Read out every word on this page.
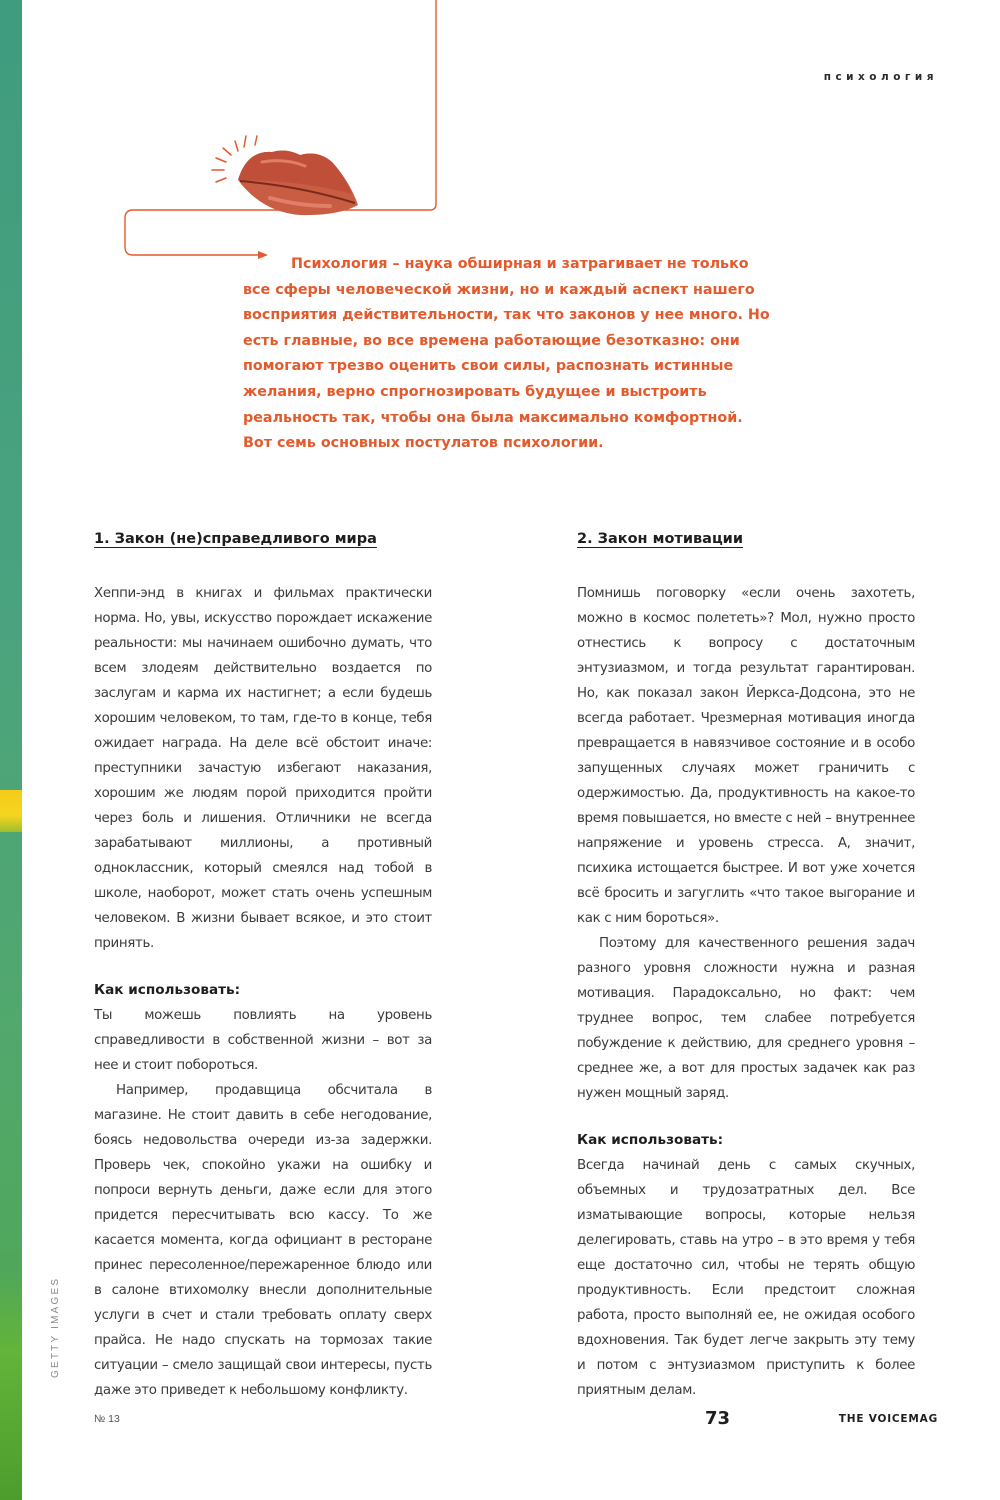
психология

Психология – наука обширная и затрагивает не только все сферы человеческой жизни, но и каждый аспект нашего восприятия действительности, так что законов у нее много. Но есть главные, во все времена работающие безотказно: они помогают трезво оценить свои силы, распознать истинные желания, верно спрогнозировать будущее и выстроить реальность так, чтобы она была максимально комфортной. Вот семь основных постулатов психологии.

1. Закон (не)справедливого мира

Хеппи-энд в книгах и фильмах практически норма. Но, увы, искусство порождает искажение реальности: мы начинаем ошибочно думать, что всем злодеям действительно воздается по заслугам и карма их настигнет; а если будешь хорошим человеком, то там, где-то в конце, тебя ожидает награда. На деле всё обстоит иначе: преступники зачастую избегают наказания, хорошим же людям порой приходится пройти через боль и лишения. Отличники не всегда зарабатывают миллионы, а противный одноклассник, который смеялся над тобой в школе, наоборот, может стать очень успешным человеком. В жизни бывает всякое, и это стоит принять.

Как использовать:

Ты можешь повлиять на уровень справедливости в собственной жизни – вот за нее и стоит побороться.

Например, продавщица обсчитала в магазине. Не стоит давить в себе негодование, боясь недовольства очереди из-за задержки. Проверь чек, спокойно укажи на ошибку и попроси вернуть деньги, даже если для этого придется пересчитывать всю кассу. То же касается момента, когда официант в ресторане принес пересоленное/пережаренное блюдо или в салоне втихомолку внесли дополнительные услуги в счет и стали требовать оплату сверх прайса. Не надо спускать на тормозах такие ситуации – смело защищай свои интересы, пусть даже это приведет к небольшому конфликту.

2. Закон мотивации

Помнишь поговорку «если очень захотеть, можно в космос полететь»? Мол, нужно просто отнестись к вопросу с достаточным энтузиазмом, и тогда результат гарантирован. Но, как показал закон Йеркса-Додсона, это не всегда работает. Чрезмерная мотивация иногда превращается в навязчивое состояние и в особо запущенных случаях может граничить с одержимостью. Да, продуктивность на какое-то время повышается, но вместе с ней – внутреннее напряжение и уровень стресса. А, значит, психика истощается быстрее. И вот уже хочется всё бросить и загуглить «что такое выгорание и как с ним бороться».

Поэтому для качественного решения задач разного уровня сложности нужна и разная мотивация. Парадоксально, но факт: чем труднее вопрос, тем слабее потребуется побуждение к действию, для среднего уровня – среднее же, а вот для простых задачек как раз нужен мощный заряд.

Как использовать:

Всегда начинай день с самых скучных, объемных и трудозатратных дел. Все изматывающие вопросы, которые нельзя делегировать, ставь на утро – в это время у тебя еще достаточно сил, чтобы не терять общую продуктивность. Если предстоит сложная работа, просто выполняй ее, не ожидая особого вдохновения. Так будет легче закрыть эту тему и потом с энтузиазмом приступить к более приятным делам.

GETTY IMAGES
№ 13	73	THE VOICEMAG
